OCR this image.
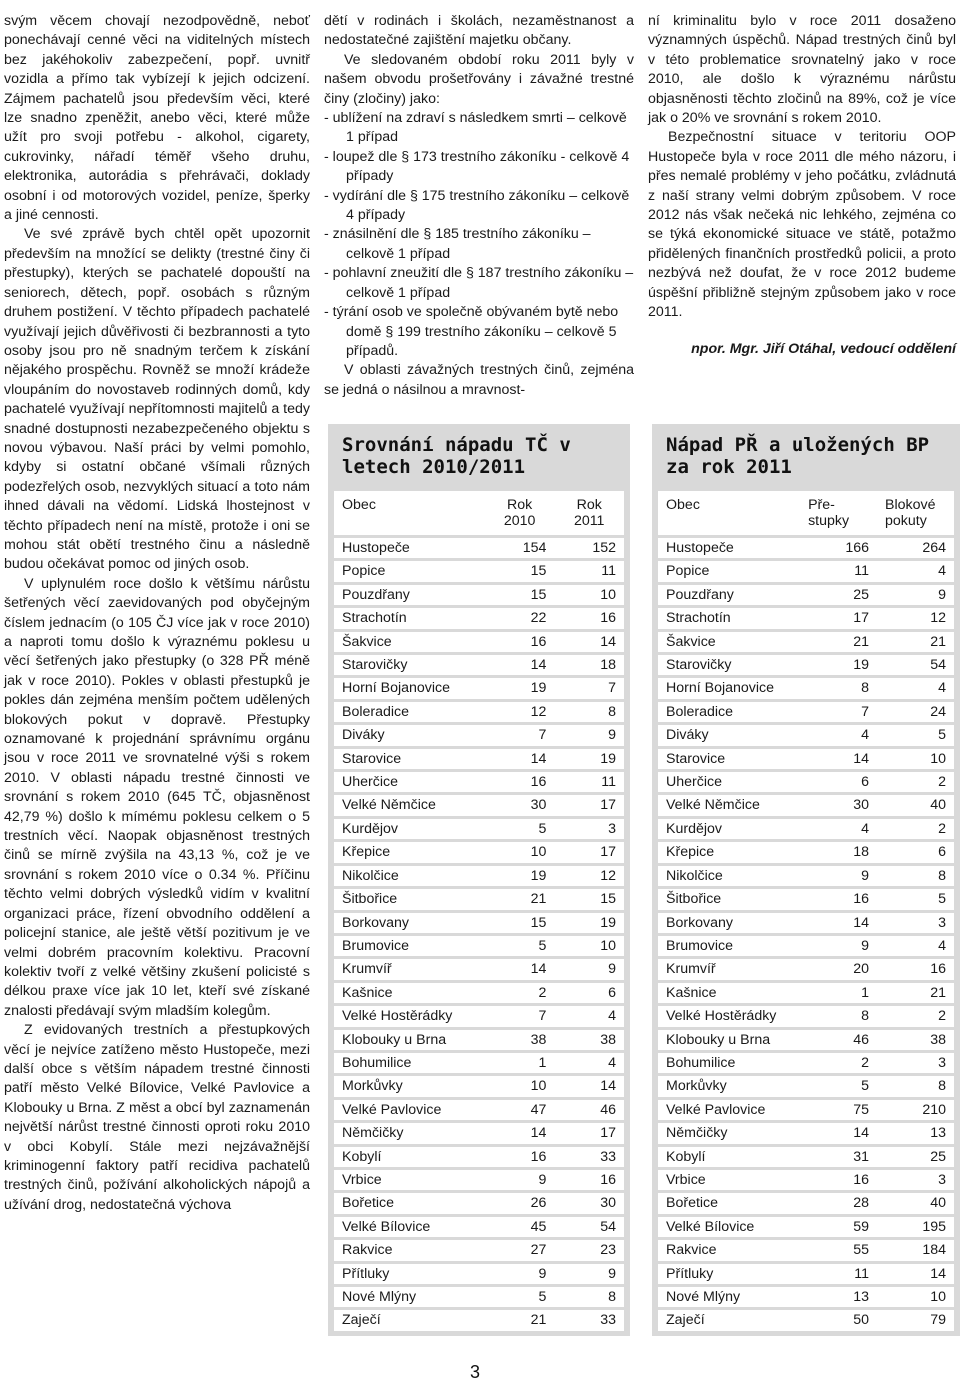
svým věcem chovají nezodpovědně, neboť ponechávají cenné věci na viditelných místech bez jakéhokoliv zabezpečení, popř. uvnitř vozidla a přímo tak vybízejí k jejich odcizení. Zájmem pachatelů jsou především věci, které lze snadno zpeněžit, anebo věci, které může užít pro svoji potřebu - alkohol, cigarety, cukrovinky, nářadí téměř všeho druhu, elektronika, autorádia s přehrávači, doklady osobní i od motorových vozidel, peníze, šperky a jiné cennosti.

Ve své zprávě bych chtěl opět upozornit především na množící se delikty (trestné činy či přestupky), kterých se pachatelé dopouští na seniorech, dětech, popř. osobách s různým druhem postižení. V těchto případech pachatelé využívají jejich důvěřivosti či bezbrannosti a tyto osoby jsou pro ně snadným terčem k získání nějakého prospěchu. Rovněž se množí krádeže vloupáním do novostaveb rodinných domů, kdy pachatelé využívají nepřítomnosti majitelů a tedy snadné dostupnosti nezabezpečeného objektu s novou výbavou. Naší práci by velmi pomohlo, kdyby si ostatní občané všímali různých podezřelých osob, nezvyklých situací a toto nám ihned dávali na vědomí. Lidská lhostejnost v těchto případech není na místě, protože i oni se mohou stát obětí trestného činu a následně budou očekávat pomoc od jiných osob.

V uplynulém roce došlo k většímu nárůstu šetřených věcí zaevidovaných pod obyčejným číslem jednacím (o 105 ČJ více jak v roce 2010) a naproti tomu došlo k výraznému poklesu u věcí šetřených jako přestupky (o 328 PŘ méně jak v roce 2010). Pokles v oblasti přestupků je pokles dán zejména menším počtem udělených blokových pokut v dopravě. Přestupky oznamované k projednání správnímu orgánu jsou v roce 2011 ve srovnatelné výši s rokem 2010. V oblasti nápadu trestné činnosti ve srovnání s rokem 2010 (645 TČ, objasněnost 42,79 %) došlo k mímému poklesu celkem o 5 trestních věcí. Naopak objasněnost trestných činů se mírně zvýšila na 43,13 %, což je ve srovnání s rokem 2010 více o 0.34 %. Příčinu těchto velmi dobrých výsledků vidím v kvalitní organizaci práce, řízení obvodního oddělení a policejní stanice, ale ještě větší pozitivum je ve velmi dobrém pracovním kolektivu. Pracovní kolektiv tvoří z velké většiny zkušení policisté s délkou praxe více jak 10 let, kteří své získané znalosti předávají svým mladším kolegům.

Z evidovaných trestních a přestupkových věcí je nejvíce zatíženo město Hustopeče, mezi další obce s větším nápadem trestné činnosti patří město Velké Bílovice, Velké Pavlovice a Klobouky u Brna. Z měst a obcí byl zaznamenán největší nárůst trestné činnosti oproti roku 2010 v obci Kobylí. Stále mezi nejzávažnější kriminogenní faktory patří recidiva pachatelů trestných činů, požívání alkoholických nápojů a užívání drog, nedostatečná výchova

dětí v rodinách i školách, nezaměstnanost a nedostatečné zajištění majetku občany.

Ve sledovaném období roku 2011 byly v našem obvodu prošetřovány i závažné trestné činy (zločiny) jako:

- ublížení na zdraví s následkem smrti – celkově 1 případ
- loupež dle § 173 trestního zákoníku - celkově 4 případy
- vydírání dle § 175 trestního zákoníku – celkově 4 případy
- znásilnění dle § 185 trestního zákoníku – celkově 1 případ
- pohlavní zneužití dle § 187 trestního zákoníku – celkově 1 případ
- týrání osob ve společně obývaném bytě nebo domě § 199 trestního zákoníku – celkově 5 případů.

V oblasti závažných trestných činů, zejména se jedná o násilnou a mravnost-

ní kriminalitu bylo v roce 2011 dosaženo významných úspěchů. Nápad trestných činů byl v této problematice srovnatelný jako v roce 2010, ale došlo k výraznému nárůstu objasněnosti těchto zločinů na 89%, což je více jak o 20% ve srovnání s rokem 2010.

Bezpečnostní situace v teritoriu OOP Hustopeče byla v roce 2011 dle mého názoru, i přes nemalé problémy v jeho počátku, zvládnutá z naší strany velmi dobrým způsobem. V roce 2012 nás však nečeká nic lehkého, zejména co se týká ekonomické situace ve státě, potažmo přidělených finančních prostředků policii, a proto nezbývá než doufat, že v roce 2012 budeme úspěšní přibližně stejným způsobem jako v roce 2011.

npor. Mgr. Jiří Otáhal, vedoucí oddělení

Srovnání nápadu TČ v letech 2010/2011
Obec	Rok 2010	Rok 2011
Hustopeče	154	152
Popice	15	11
Pouzdřany	15	10
Strachotín	22	16
Šakvice	16	14
Starovičky	14	18
Horní Bojanovice	19	7
Boleradice	12	8
Diváky	7	9
Starovice	14	19
Uherčice	16	11
Velké Němčice	30	17
Kurdějov	5	3
Křepice	10	17
Nikolčice	19	12
Šitbořice	21	15
Borkovany	15	19
Brumovice	5	10
Krumvíř	14	9
Kašnice	2	6
Velké Hostěrádky	7	4
Klobouky u Brna	38	38
Bohumilice	1	4
Morkůvky	10	14
Velké Pavlovice	47	46
Němčičky	14	17
Kobylí	16	33
Vrbice	9	16
Bořetice	26	30
Velké Bílovice	45	54
Rakvice	27	23
Přítluky	9	9
Nové Mlýny	5	8
Zaječí	21	33
Nápad PŘ a uložených BP za rok 2011
Obec	Pře-stupky	Blokové pokuty
Hustopeče	166	264
Popice	11	4
Pouzdřany	25	9
Strachotín	17	12
Šakvice	21	21
Starovičky	19	54
Horní Bojanovice	8	4
Boleradice	7	24
Diváky	4	5
Starovice	14	10
Uherčice	6	2
Velké Němčice	30	40
Kurdějov	4	2
Křepice	18	6
Nikolčice	9	8
Šitbořice	16	5
Borkovany	14	3
Brumovice	9	4
Krumvíř	20	16
Kašnice	1	21
Velké Hostěrádky	8	2
Klobouky u Brna	46	38
Bohumilice	2	3
Morkůvky	5	8
Velké Pavlovice	75	210
Němčičky	14	13
Kobylí	31	25
Vrbice	16	3
Bořetice	28	40
Velké Bílovice	59	195
Rakvice	55	184
Přítluky	11	14
Nové Mlýny	13	10
Zaječí	50	79
3
